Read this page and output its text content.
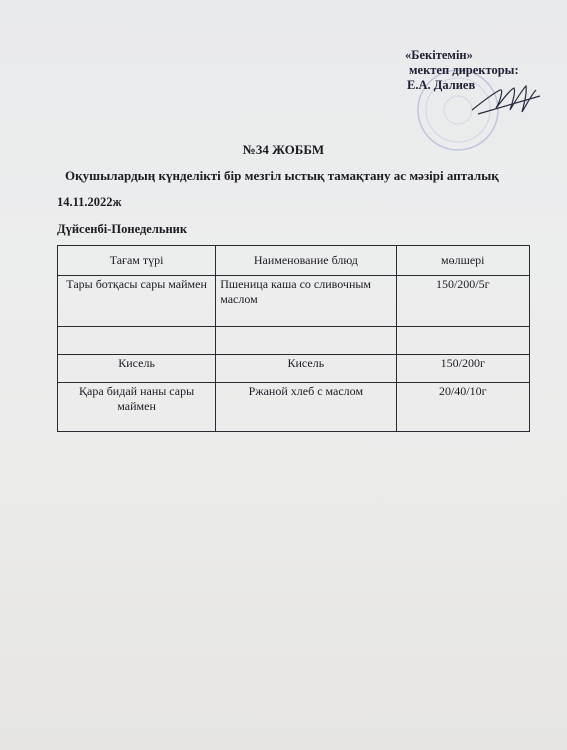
«Бекітемін»
мектеп директоры:
Е.А. Далиев
№34 ЖОББМ
Оқушылардың күнделікті бір мезгіл ыстық тамақтану ас мәзірі апталық
14.11.2022ж
Дүйсенбі-Понедельник
Тағам түрі	Наименование блюд	мөлшері
Тары ботқасы сары маймен	Пшеница каша со сливочным маслом	150/200/5г

Кисель	Кисель	150/200г
Қара бидай наны сары маймен	Ржаной хлеб с маслом	20/40/10г
